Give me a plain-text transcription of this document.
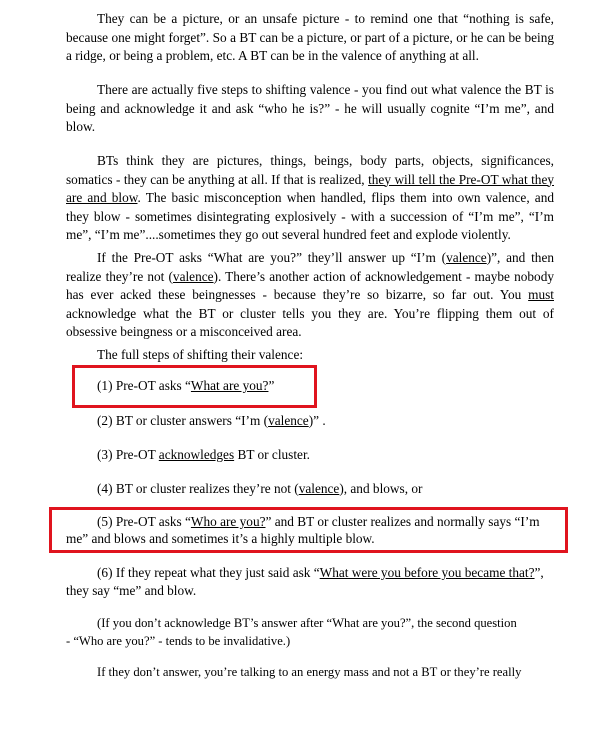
They can be a picture, or an unsafe picture - to remind one that “nothing is safe, because one might forget”. So a BT can be a picture, or part of a picture, or he can be being a ridge, or being a problem, etc. A BT can be in the valence of anything at all.

There are actually five steps to shifting valence - you find out what valence the BT is being and acknowledge it and ask “who he is?” - he will usually cognite “I’m me”, and blow.

BTs think they are pictures, things, beings, body parts, objects, significances, somatics - they can be anything at all. If that is realized, they will tell the Pre-OT what they are and blow. The basic misconception when handled, flips them into own valence, and they blow - sometimes disintegrating explosively - with a succession of “I’m me”, “I’m me”, “I’m me”....sometimes they go out several hundred feet and explode violently.

If the Pre-OT asks “What are you?” they’ll answer up “I’m (valence)”, and then realize they’re not (valence). There’s another action of acknowledgement - maybe nobody has ever acked these beingnesses - because they’re so bizarre, so far out. You must acknowledge what the BT or cluster tells you they are. You’re flipping them out of obsessive beingness or a misconceived area.

The full steps of shifting their valence:

(1) Pre-OT asks “What are you?”

(2) BT or cluster answers “I’m (valence)” .

(3) Pre-OT acknowledges BT or cluster.

(4) BT or cluster realizes they’re not (valence), and blows, or

(5) Pre-OT asks “Who are you?” and BT or cluster realizes and normally says “I’m

me” and blows and sometimes it’s a highly multiple blow.

(6) If they repeat what they just said ask “What were you before you became that?”,

they say “me” and blow.

(If you don’t acknowledge BT’s answer after “What are you?”, the second question

- “Who are you?” - tends to be invalidative.)

If they don’t answer, you’re talking to an energy mass and not a BT or they’re really
